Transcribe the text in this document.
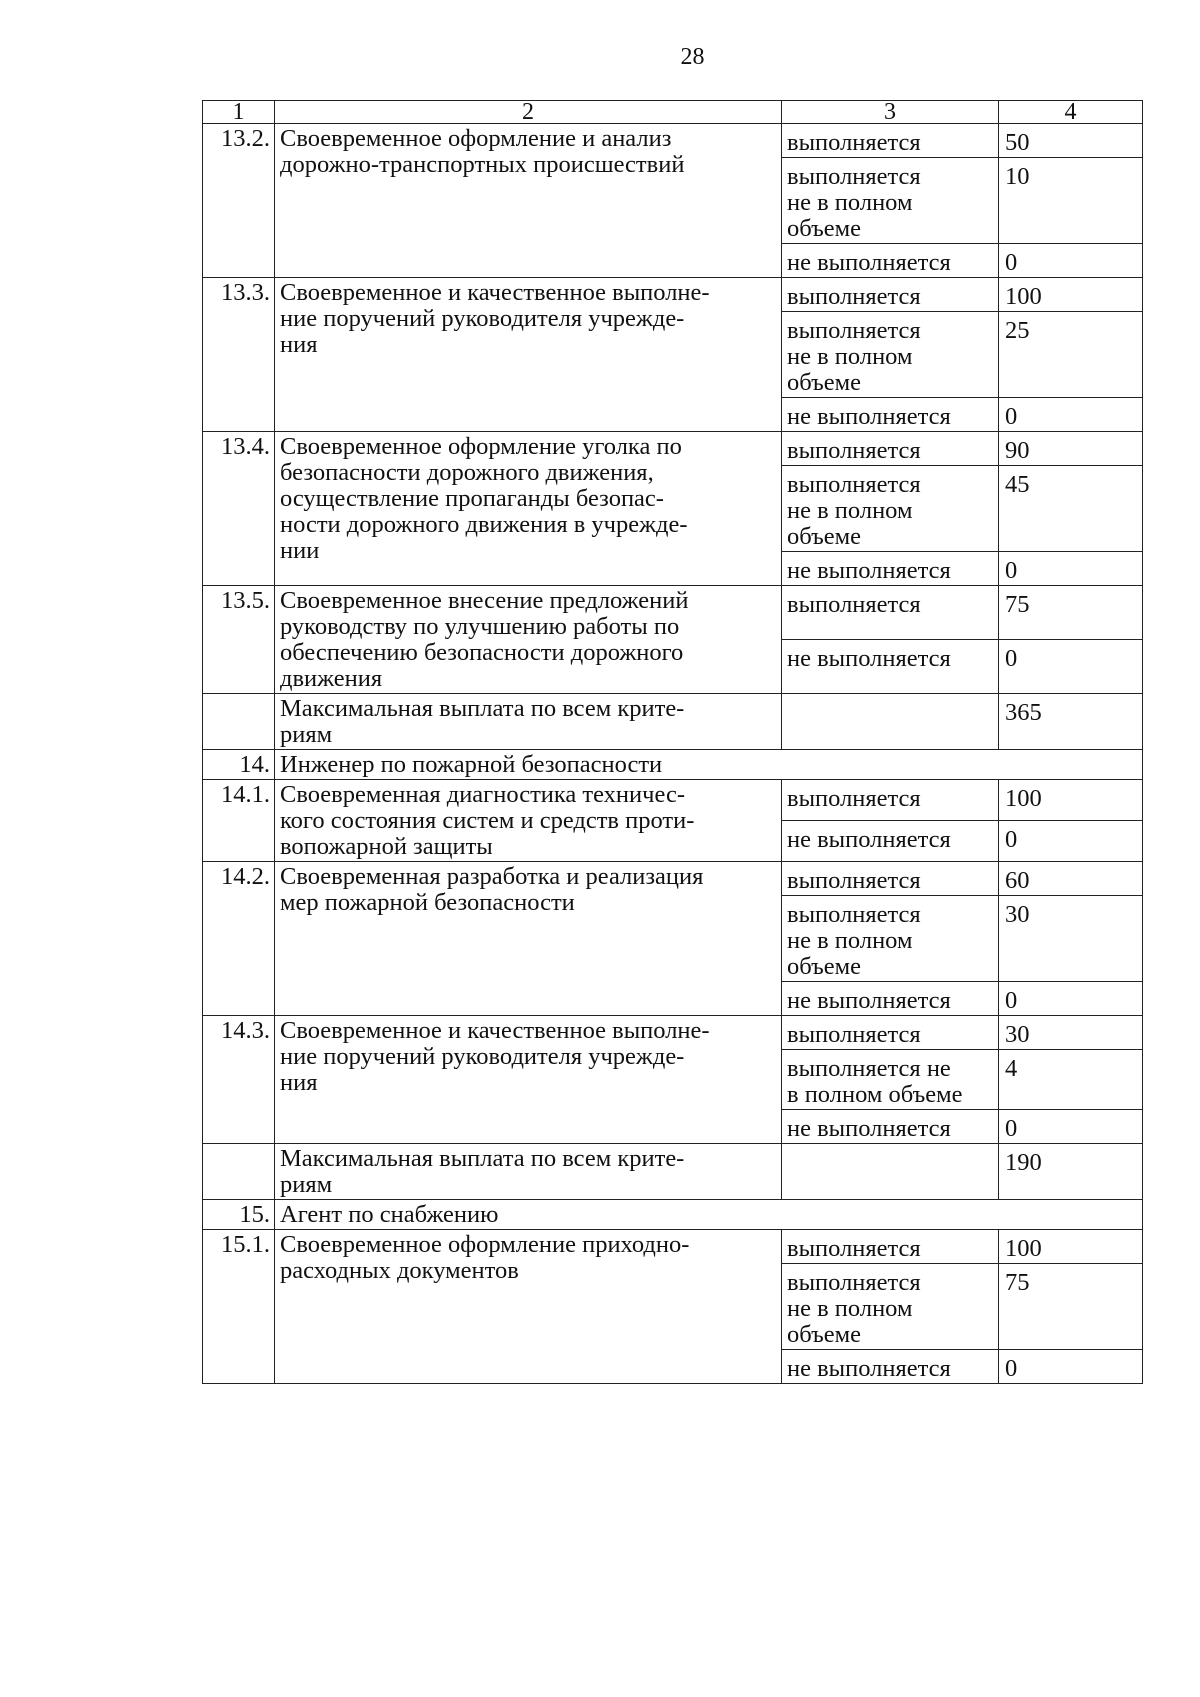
28
1	2	3	4
13.2.	Своевременное оформление и анализ
дорожно-транспортных происшествий	выполняется	50
		выполняется
не в полном
объеме	10
		не выполняется	0
13.3.	Своевременное и качественное выполне-
ние поручений руководителя учрежде-
ния	выполняется	100
		выполняется
не в полном
объеме	25
		не выполняется	0
13.4.	Своевременное оформление уголка по
безопасности дорожного движения,
осуществление пропаганды безопас-
ности дорожного движения в учрежде-
нии	выполняется	90
		выполняется
не в полном
объеме	45
		не выполняется	0
13.5.	Своевременное внесение предложений
руководству по улучшению работы по
обеспечению безопасности дорожного
движения	выполняется	75
		не выполняется	0
	Максимальная выплата по всем крите-
риям		365
14.	Инженер по пожарной безопасности		
14.1.	Своевременная диагностика техничес-
кого состояния систем и средств проти-
вопожарной защиты	выполняется	100
		не выполняется	0
14.2.	Своевременная разработка и реализация
мер пожарной безопасности	выполняется	60
		выполняется
не в полном
объеме	30
		не выполняется	0
14.3.	Своевременное и качественное выполне-
ние поручений руководителя учрежде-
ния	выполняется	30
		выполняется не
в полном объеме	4
		не выполняется	0
	Максимальная выплата по всем крите-
риям		190
15.	Агент по снабжению		
15.1.	Своевременное оформление приходно-
расходных документов	выполняется	100
		выполняется
не в полном
объеме	75
		не выполняется	0
